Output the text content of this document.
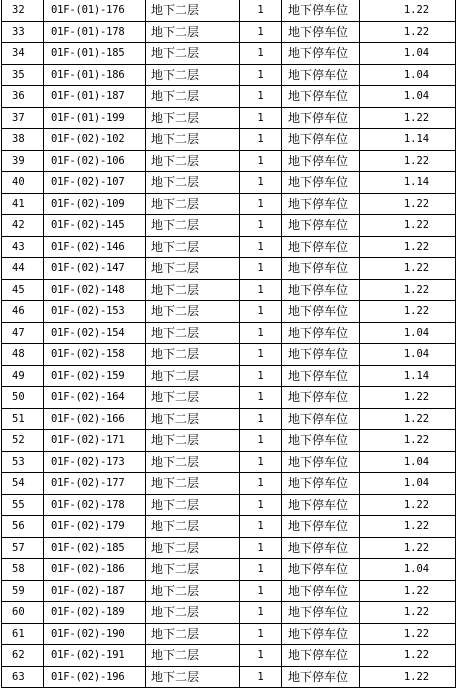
32	01F-(01)-176	地下二层	1	地下停车位	1.22
33	01F-(01)-178	地下二层	1	地下停车位	1.22
34	01F-(01)-185	地下二层	1	地下停车位	1.04
35	01F-(01)-186	地下二层	1	地下停车位	1.04
36	01F-(01)-187	地下二层	1	地下停车位	1.04
37	01F-(01)-199	地下二层	1	地下停车位	1.22
38	01F-(02)-102	地下二层	1	地下停车位	1.14
39	01F-(02)-106	地下二层	1	地下停车位	1.22
40	01F-(02)-107	地下二层	1	地下停车位	1.14
41	01F-(02)-109	地下二层	1	地下停车位	1.22
42	01F-(02)-145	地下二层	1	地下停车位	1.22
43	01F-(02)-146	地下二层	1	地下停车位	1.22
44	01F-(02)-147	地下二层	1	地下停车位	1.22
45	01F-(02)-148	地下二层	1	地下停车位	1.22
46	01F-(02)-153	地下二层	1	地下停车位	1.22
47	01F-(02)-154	地下二层	1	地下停车位	1.04
48	01F-(02)-158	地下二层	1	地下停车位	1.04
49	01F-(02)-159	地下二层	1	地下停车位	1.14
50	01F-(02)-164	地下二层	1	地下停车位	1.22
51	01F-(02)-166	地下二层	1	地下停车位	1.22
52	01F-(02)-171	地下二层	1	地下停车位	1.22
53	01F-(02)-173	地下二层	1	地下停车位	1.04
54	01F-(02)-177	地下二层	1	地下停车位	1.04
55	01F-(02)-178	地下二层	1	地下停车位	1.22
56	01F-(02)-179	地下二层	1	地下停车位	1.22
57	01F-(02)-185	地下二层	1	地下停车位	1.22
58	01F-(02)-186	地下二层	1	地下停车位	1.04
59	01F-(02)-187	地下二层	1	地下停车位	1.22
60	01F-(02)-189	地下二层	1	地下停车位	1.22
61	01F-(02)-190	地下二层	1	地下停车位	1.22
62	01F-(02)-191	地下二层	1	地下停车位	1.22
63	01F-(02)-196	地下二层	1	地下停车位	1.22
